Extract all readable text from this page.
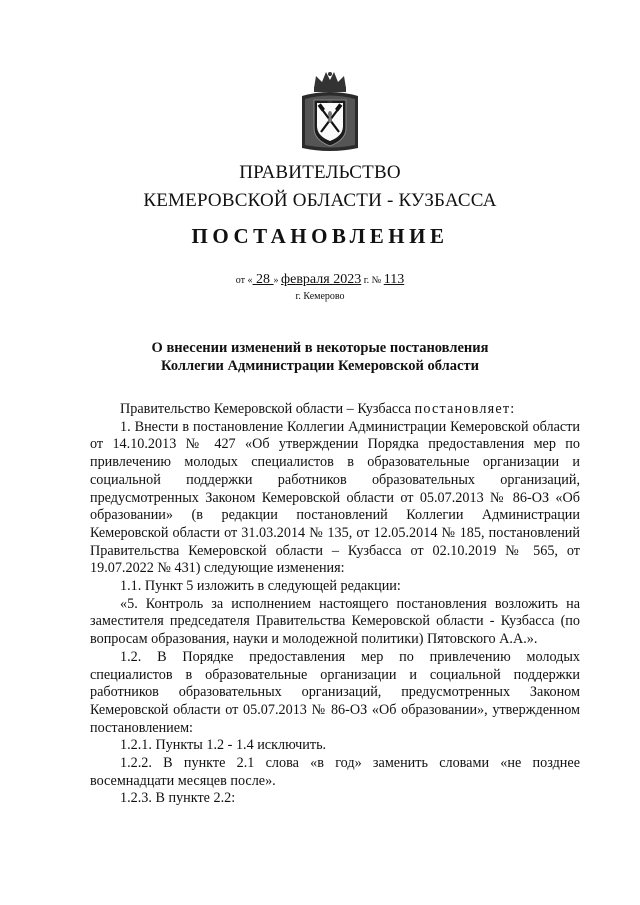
ПРАВИТЕЛЬСТВО
КЕМЕРОВСКОЙ ОБЛАСТИ - КУЗБАССА
ПОСТАНОВЛЕНИЕ
от « 28 » февраля 2023 г. № 113
г. Кемерово
О внесении изменений в некоторые постановления
Коллегии Администрации Кемеровской области

Правительство Кемеровской области – Кузбасса постановляет:

1. Внести в постановление Коллегии Администрации Кемеровской области от 14.10.2013 № 427 «Об утверждении Порядка предоставления мер по привлечению молодых специалистов в образовательные организации и социальной поддержки работников образовательных организаций, предусмотренных Законом Кемеровской области от 05.07.2013 № 86-ОЗ «Об образовании» (в редакции постановлений Коллегии Администрации Кемеровской области от 31.03.2014 № 135, от 12.05.2014 № 185, постановлений Правительства Кемеровской области – Кузбасса от 02.10.2019 № 565, от 19.07.2022 № 431) следующие изменения:

1.1. Пункт 5 изложить в следующей редакции:

«5. Контроль за исполнением настоящего постановления возложить на заместителя председателя Правительства Кемеровской области - Кузбасса (по вопросам образования, науки и молодежной политики) Пятовского А.А.».

1.2. В Порядке предоставления мер по привлечению молодых специалистов в образовательные организации и социальной поддержки работников образовательных организаций, предусмотренных Законом Кемеровской области от 05.07.2013 № 86-ОЗ «Об образовании», утвержденном постановлением:

1.2.1. Пункты 1.2 - 1.4 исключить.

1.2.2. В пункте 2.1 слова «в год» заменить словами «не позднее восемнадцати месяцев после».

1.2.3. В пункте 2.2:
